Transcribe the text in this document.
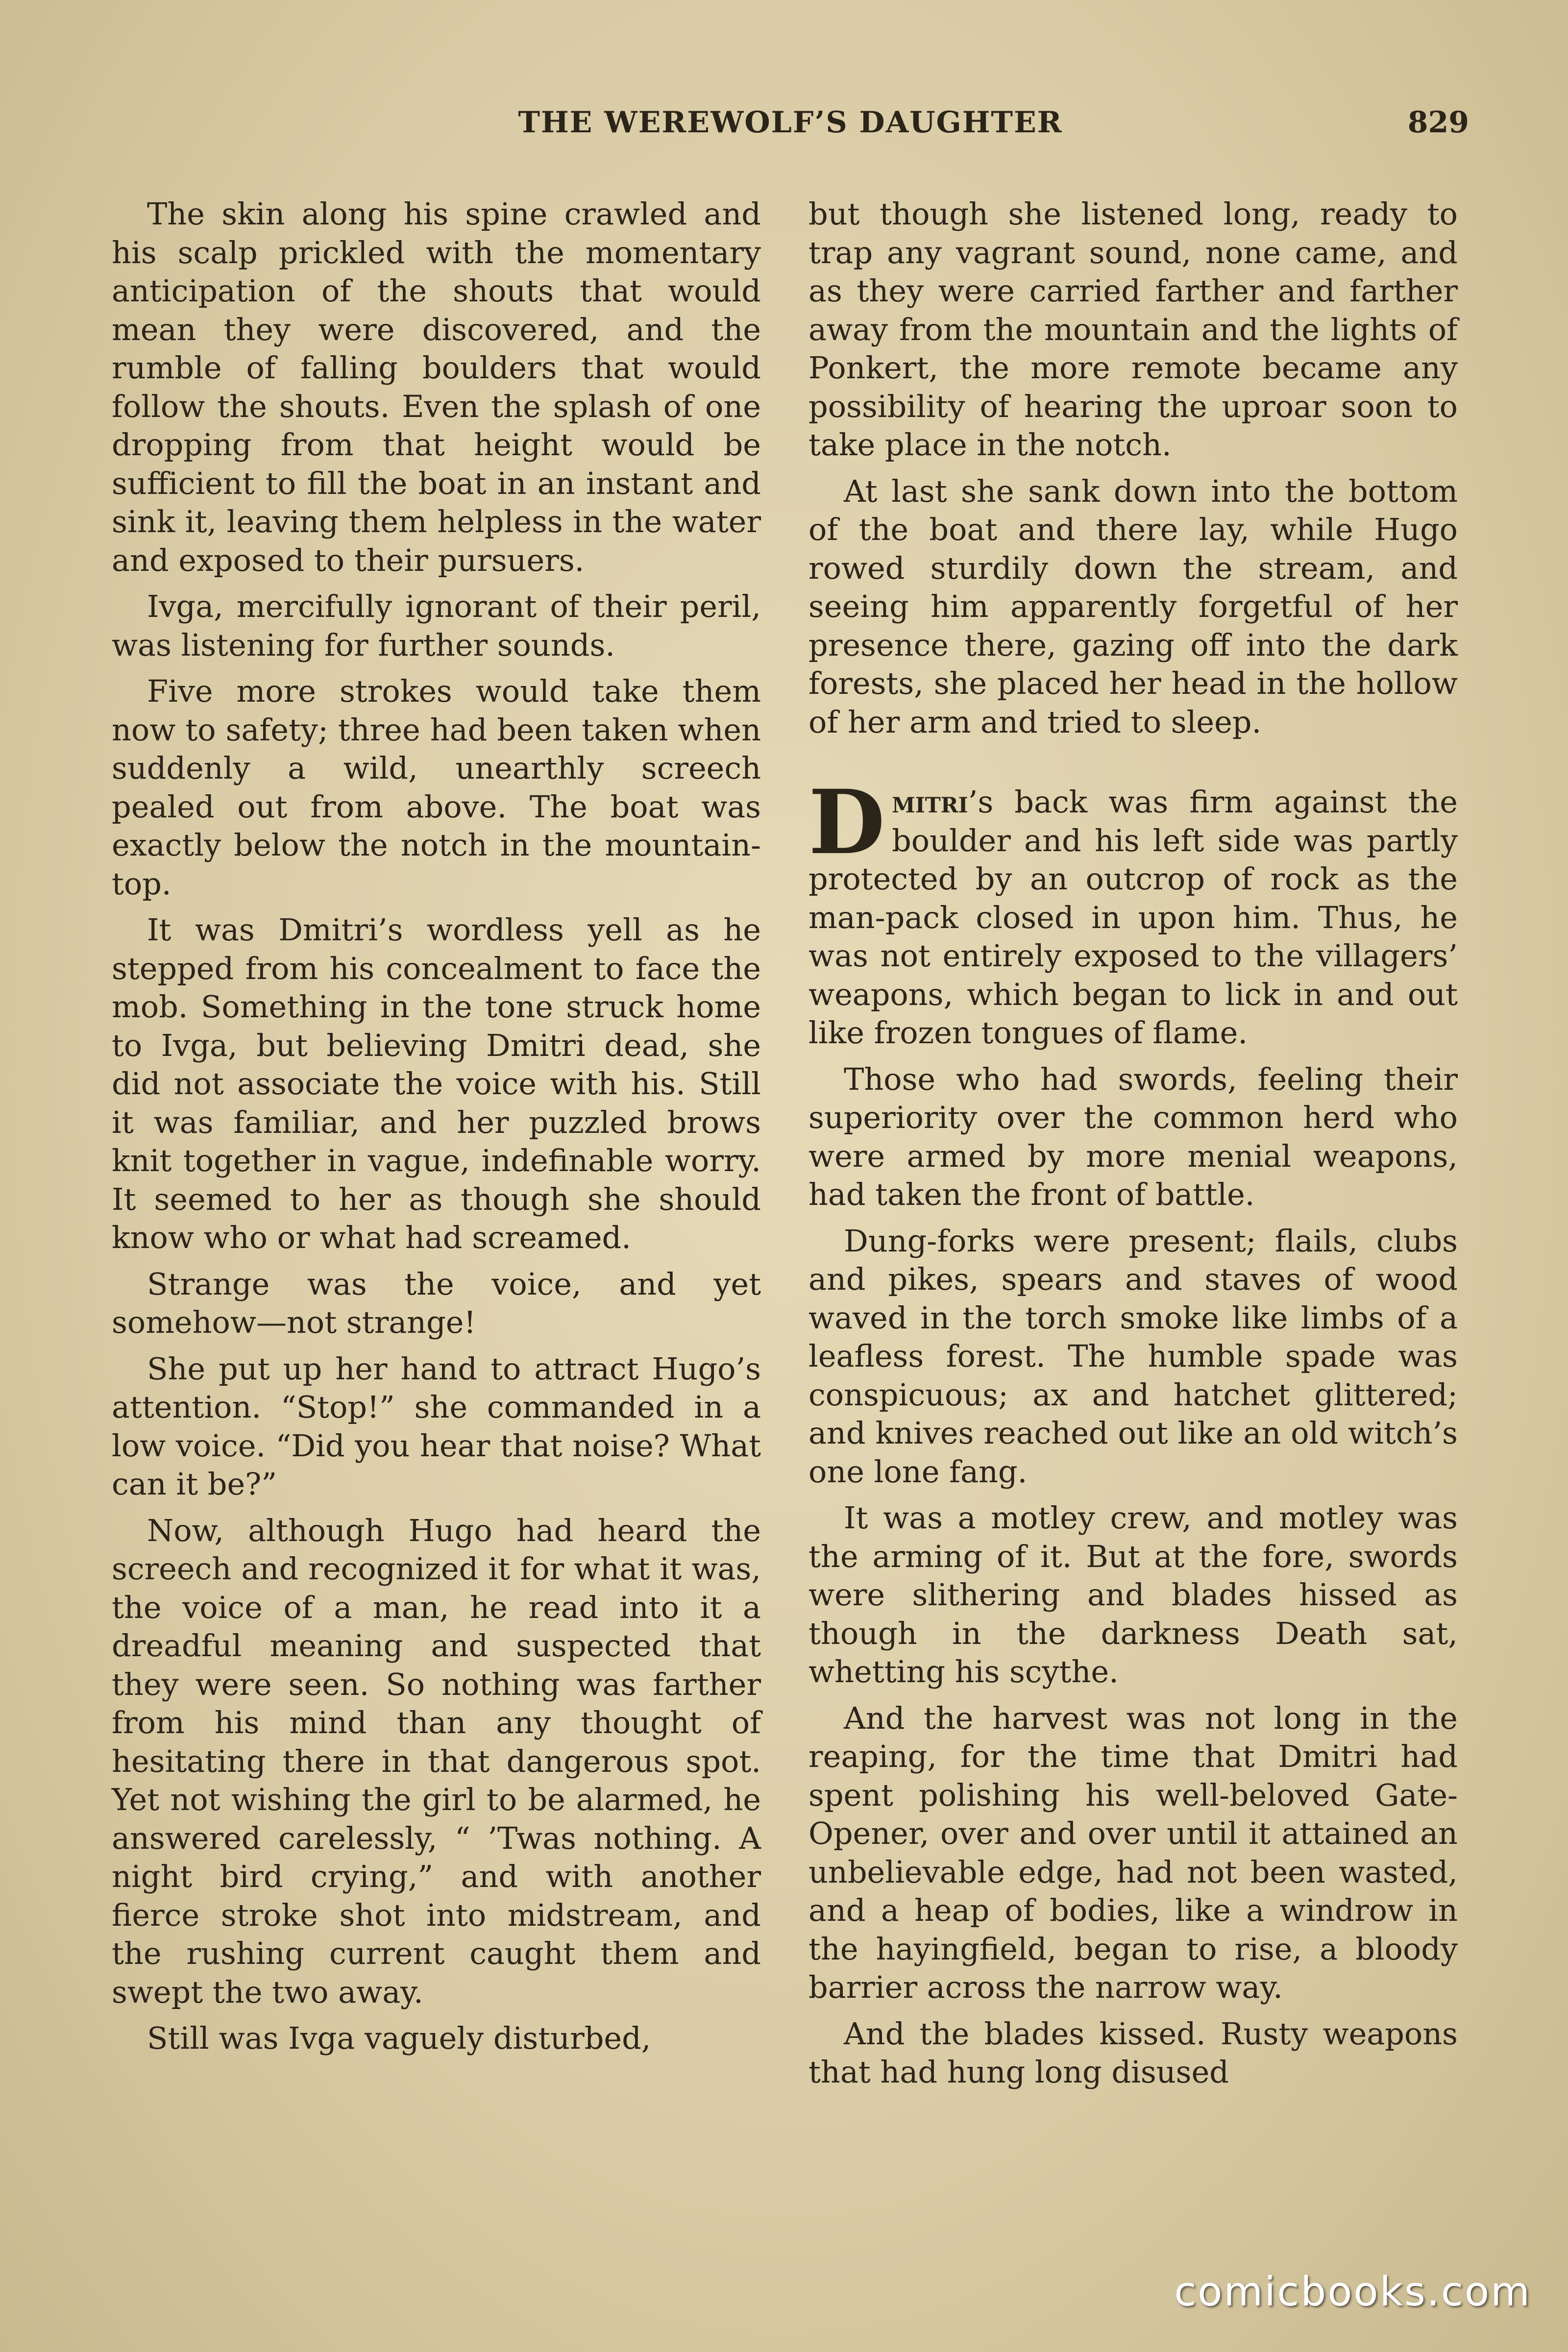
THE WEREWOLF’S DAUGHTER	829

The skin along his spine crawled and his scalp prickled with the momentary anticipation of the shouts that would mean they were discovered, and the rumble of falling boulders that would follow the shouts. Even the splash of one dropping from that height would be sufficient to fill the boat in an instant and sink it, leaving them helpless in the water and exposed to their pursuers.

Ivga, mercifully ignorant of their peril, was listening for further sounds.

Five more strokes would take them now to safety; three had been taken when suddenly a wild, unearthly screech pealed out from above. The boat was exactly below the notch in the mountain-top.

It was Dmitri’s wordless yell as he stepped from his concealment to face the mob. Something in the tone struck home to Ivga, but believing Dmitri dead, she did not associate the voice with his. Still it was familiar, and her puzzled brows knit together in vague, indefinable worry. It seemed to her as though she should know who or what had screamed.

Strange was the voice, and yet somehow—not strange!

She put up her hand to attract Hugo’s attention. “Stop!” she commanded in a low voice. “Did you hear that noise? What can it be?”

Now, although Hugo had heard the screech and recognized it for what it was, the voice of a man, he read into it a dreadful meaning and suspected that they were seen. So nothing was farther from his mind than any thought of hesitating there in that dangerous spot. Yet not wishing the girl to be alarmed, he answered carelessly, “ ’Twas nothing. A night bird crying,” and with another fierce stroke shot into midstream, and the rushing current caught them and swept the two away.

Still was Ivga vaguely disturbed,

but though she listened long, ready to trap any vagrant sound, none came, and as they were carried farther and farther away from the mountain and the lights of Ponkert, the more remote became any possibility of hearing the uproar soon to take place in the notch.

At last she sank down into the bottom of the boat and there lay, while Hugo rowed sturdily down the stream, and seeing him apparently forgetful of her presence there, gazing off into the dark forests, she placed her head in the hollow of her arm and tried to sleep.

Dmitri’s back was firm against the boulder and his left side was partly protected by an outcrop of rock as the man-pack closed in upon him. Thus, he was not entirely exposed to the villagers’ weapons, which began to lick in and out like frozen tongues of flame.

Those who had swords, feeling their superiority over the common herd who were armed by more menial weapons, had taken the front of battle.

Dung-forks were present; flails, clubs and pikes, spears and staves of wood waved in the torch smoke like limbs of a leafless forest. The humble spade was conspicuous; ax and hatchet glittered; and knives reached out like an old witch’s one lone fang.

It was a motley crew, and motley was the arming of it. But at the fore, swords were slithering and blades hissed as though in the darkness Death sat, whetting his scythe.

And the harvest was not long in the reaping, for the time that Dmitri had spent polishing his well-beloved Gate-Opener, over and over until it attained an unbelievable edge, had not been wasted, and a heap of bodies, like a windrow in the hayingfield, began to rise, a bloody barrier across the narrow way.

And the blades kissed. Rusty weapons that had hung long disused

comicbooks.com
